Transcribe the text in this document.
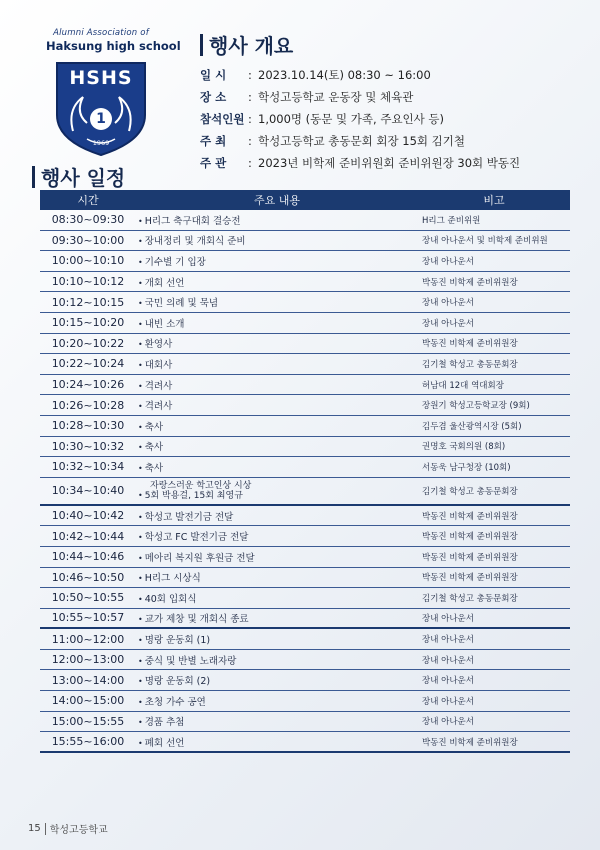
Alumni Association of
Haksung high school
HSHS
1
1969
행사 개요
일 시	: 2023.10.14(토) 08:30 ~ 16:00
장 소	: 학성고등학교 운동장 및 체육관
참석인원 : 1,000명 (동문 및 가족, 주요인사 등)
주 최	: 학성고등학교 총동문회 회장 15회 김기철
주 관	: 2023년 비학제 준비위원회 준비위원장 30회 박동진
행사 일정
시간	주요 내용	비고
08:30~09:30	• H리그 축구대회 결승전	H리그 준비위원
09:30~10:00	• 장내정리 및 개회식 준비	장내 아나운서 및 비학제 준비위원
10:00~10:10	• 기수별 기 입장	장내 아나운서
10:10~10:12	• 개회 선언	박동진 비학제 준비위원장
10:12~10:15	• 국민 의례 및 묵념	장내 아나운서
10:15~10:20	• 내빈 소개	장내 아나운서
10:20~10:22	• 환영사	박동진 비학제 준비위원장
10:22~10:24	• 대회사	김기철 학성고 총동문회장
10:24~10:26	• 격려사	허남대 12대 역대회장
10:26~10:28	• 격려사	장원기 학성고등학교장 (9회)
10:28~10:30	• 축사	김두겸 울산광역시장 (5회)
10:30~10:32	• 축사	권명호 국회의원 (8회)
10:32~10:34	• 축사	서동욱 남구청장 (10회)
10:34~10:40	자랑스러운 학고인상 시상
• 5회 박용걸, 15회 최영규	김기철 학성고 총동문회장
10:40~10:42	• 학성고 발전기금 전달	박동진 비학제 준비위원장
10:42~10:44	• 학성고 FC 발전기금 전달	박동진 비학제 준비위원장
10:44~10:46	• 메아리 복지원 후원금 전달	박동진 비학제 준비위원장
10:46~10:50	• H리그 시상식	박동진 비학제 준비위원장
10:50~10:55	• 40회 입회식	김기철 학성고 총동문회장
10:55~10:57	• 교가 제창 및 개회식 종료	장내 아나운서
11:00~12:00	• 명랑 운동회 (1)	장내 아나운서
12:00~13:00	• 중식 및 반별 노래자랑	장내 아나운서
13:00~14:00	• 명랑 운동회 (2)	장내 아나운서
14:00~15:00	• 초청 가수 공연	장내 아나운서
15:00~15:55	• 경품 추첨	장내 아나운서
15:55~16:00	• 폐회 선언	박동진 비학제 준비위원장
15 학성고등학교
